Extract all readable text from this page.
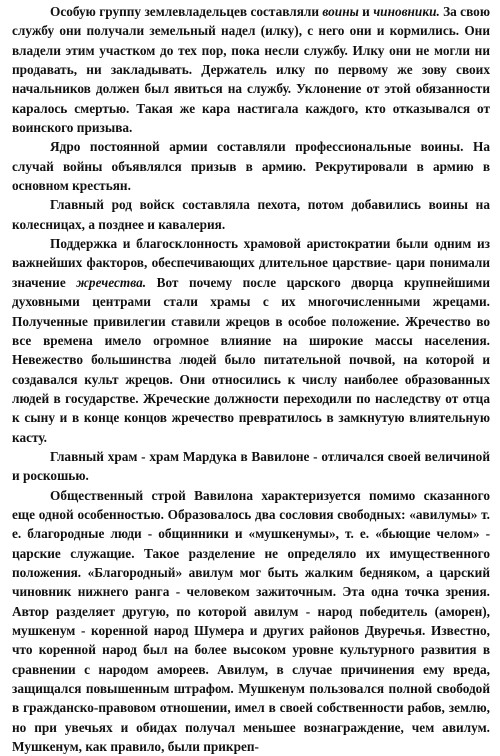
Особую группу землевладельцев составляли воины и чиновники. За свою службу они получали земельный надел (илку), с него они и кормились. Они владели этим участком до тех пор, пока несли службу. Илку они не могли ни продавать, ни закладывать. Держатель илку по первому же зову своих начальников должен был явиться на службу. Уклонение от этой обязанности каралось смертью. Такая же кара настигала каждого, кто отказывался от воинского призыва.

Ядро постоянной армии составляли профессиональные воины. На случай войны объявлялся призыв в армию. Рекрутировали в армию в основном крестьян.

Главный род войск составляла пехота, потом добавились воины на колесницах, а позднее и кавалерия.

Поддержка и благосклонность храмовой аристократии были одним из важнейших факторов, обеспечивающих длительное царствие- цари понимали значение жречества. Вот почему после царского дворца крупнейшими духовными центрами стали храмы с их многочисленными жрецами. Полученные привилегии ставили жрецов в особое положение. Жречество во все времена имело огромное влияние на широкие массы населения. Невежество большинства людей было питательной почвой, на которой и создавался культ жрецов. Они относились к числу наиболее образованных людей в государстве. Жреческие должности переходили по наследству от отца к сыну и в конце концов жречество превратилось в замкнутую влиятельную касту.

Главный храм - храм Мардука в Вавилоне - отличался своей величиной и роскошью.

Общественный строй Вавилона характеризуется помимо сказанного еще одной особенностью. Образовалось два сословия свободных: «авилумы» т. е. благородные люди - общинники и «мушкенумы», т. е. «бьющие челом» - царские служащие. Такое разделение не определяло их имущественного положения. «Благородный» авилум мог быть жалким бедняком, а царский чиновник нижнего ранга - человеком зажиточным. Эта одна точка зрения. Автор разделяет другую, по которой авилум - народ победитель (аморен), мушкенум - коренной народ Шумера и других районов Двуречья. Известно, что коренной народ был на более высоком уровне культурного развития в сравнении с народом амореев. Авилум, в случае причинения ему вреда, защищался повышенным штрафом. Мушкенум пользовался полной свободой в гражданско-правовом отношении, имел в своей собственности рабов, землю, но при увечьях и обидах получал меньшее вознаграждение, чем авилум. Мушкенум, как правило, были прикреп-
